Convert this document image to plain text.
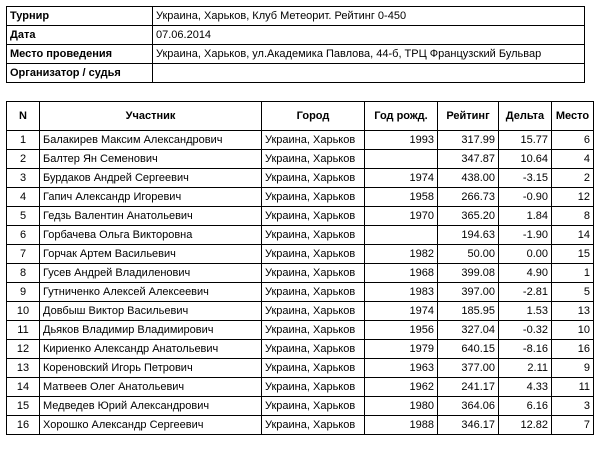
Турнир	Украина, Харьков, Клуб Метеорит. Рейтинг 0-450
Дата	07.06.2014
Место проведения	Украина, Харьков, ул.Академика Павлова, 44-б, ТРЦ Французский Бульвар
Организатор / судья	
N	Участник	Город	Год рожд.	Рейтинг	Дельта	Место
1	Балакирев Максим Александрович	Украина, Харьков	1993	317.99	15.77	6
2	Балтер Ян Семенович	Украина, Харьков		347.87	10.64	4
3	Бурдаков Андрей Сергеевич	Украина, Харьков	1974	438.00	-3.15	2
4	Гапич Александр Игоревич	Украина, Харьков	1958	266.73	-0.90	12
5	Гедзь Валентин Анатольевич	Украина, Харьков	1970	365.20	1.84	8
6	Горбачева Ольга Викторовна	Украина, Харьков		194.63	-1.90	14
7	Горчак Артем Васильевич	Украина, Харьков	1982	50.00	0.00	15
8	Гусев Андрей Владиленович	Украина, Харьков	1968	399.08	4.90	1
9	Гутниченко Алексей Алексеевич	Украина, Харьков	1983	397.00	-2.81	5
10	Довбыш Виктор Васильевич	Украина, Харьков	1974	185.95	1.53	13
11	Дьяков Владимир Владимирович	Украина, Харьков	1956	327.04	-0.32	10
12	Кириенко Александр Анатольевич	Украина, Харьков	1979	640.15	-8.16	16
13	Кореновский Игорь Петрович	Украина, Харьков	1963	377.00	2.11	9
14	Матвеев Олег Анатольевич	Украина, Харьков	1962	241.17	4.33	11
15	Медведев Юрий Александрович	Украина, Харьков	1980	364.06	6.16	3
16	Хорошко Александр Сергеевич	Украина, Харьков	1988	346.17	12.82	7
